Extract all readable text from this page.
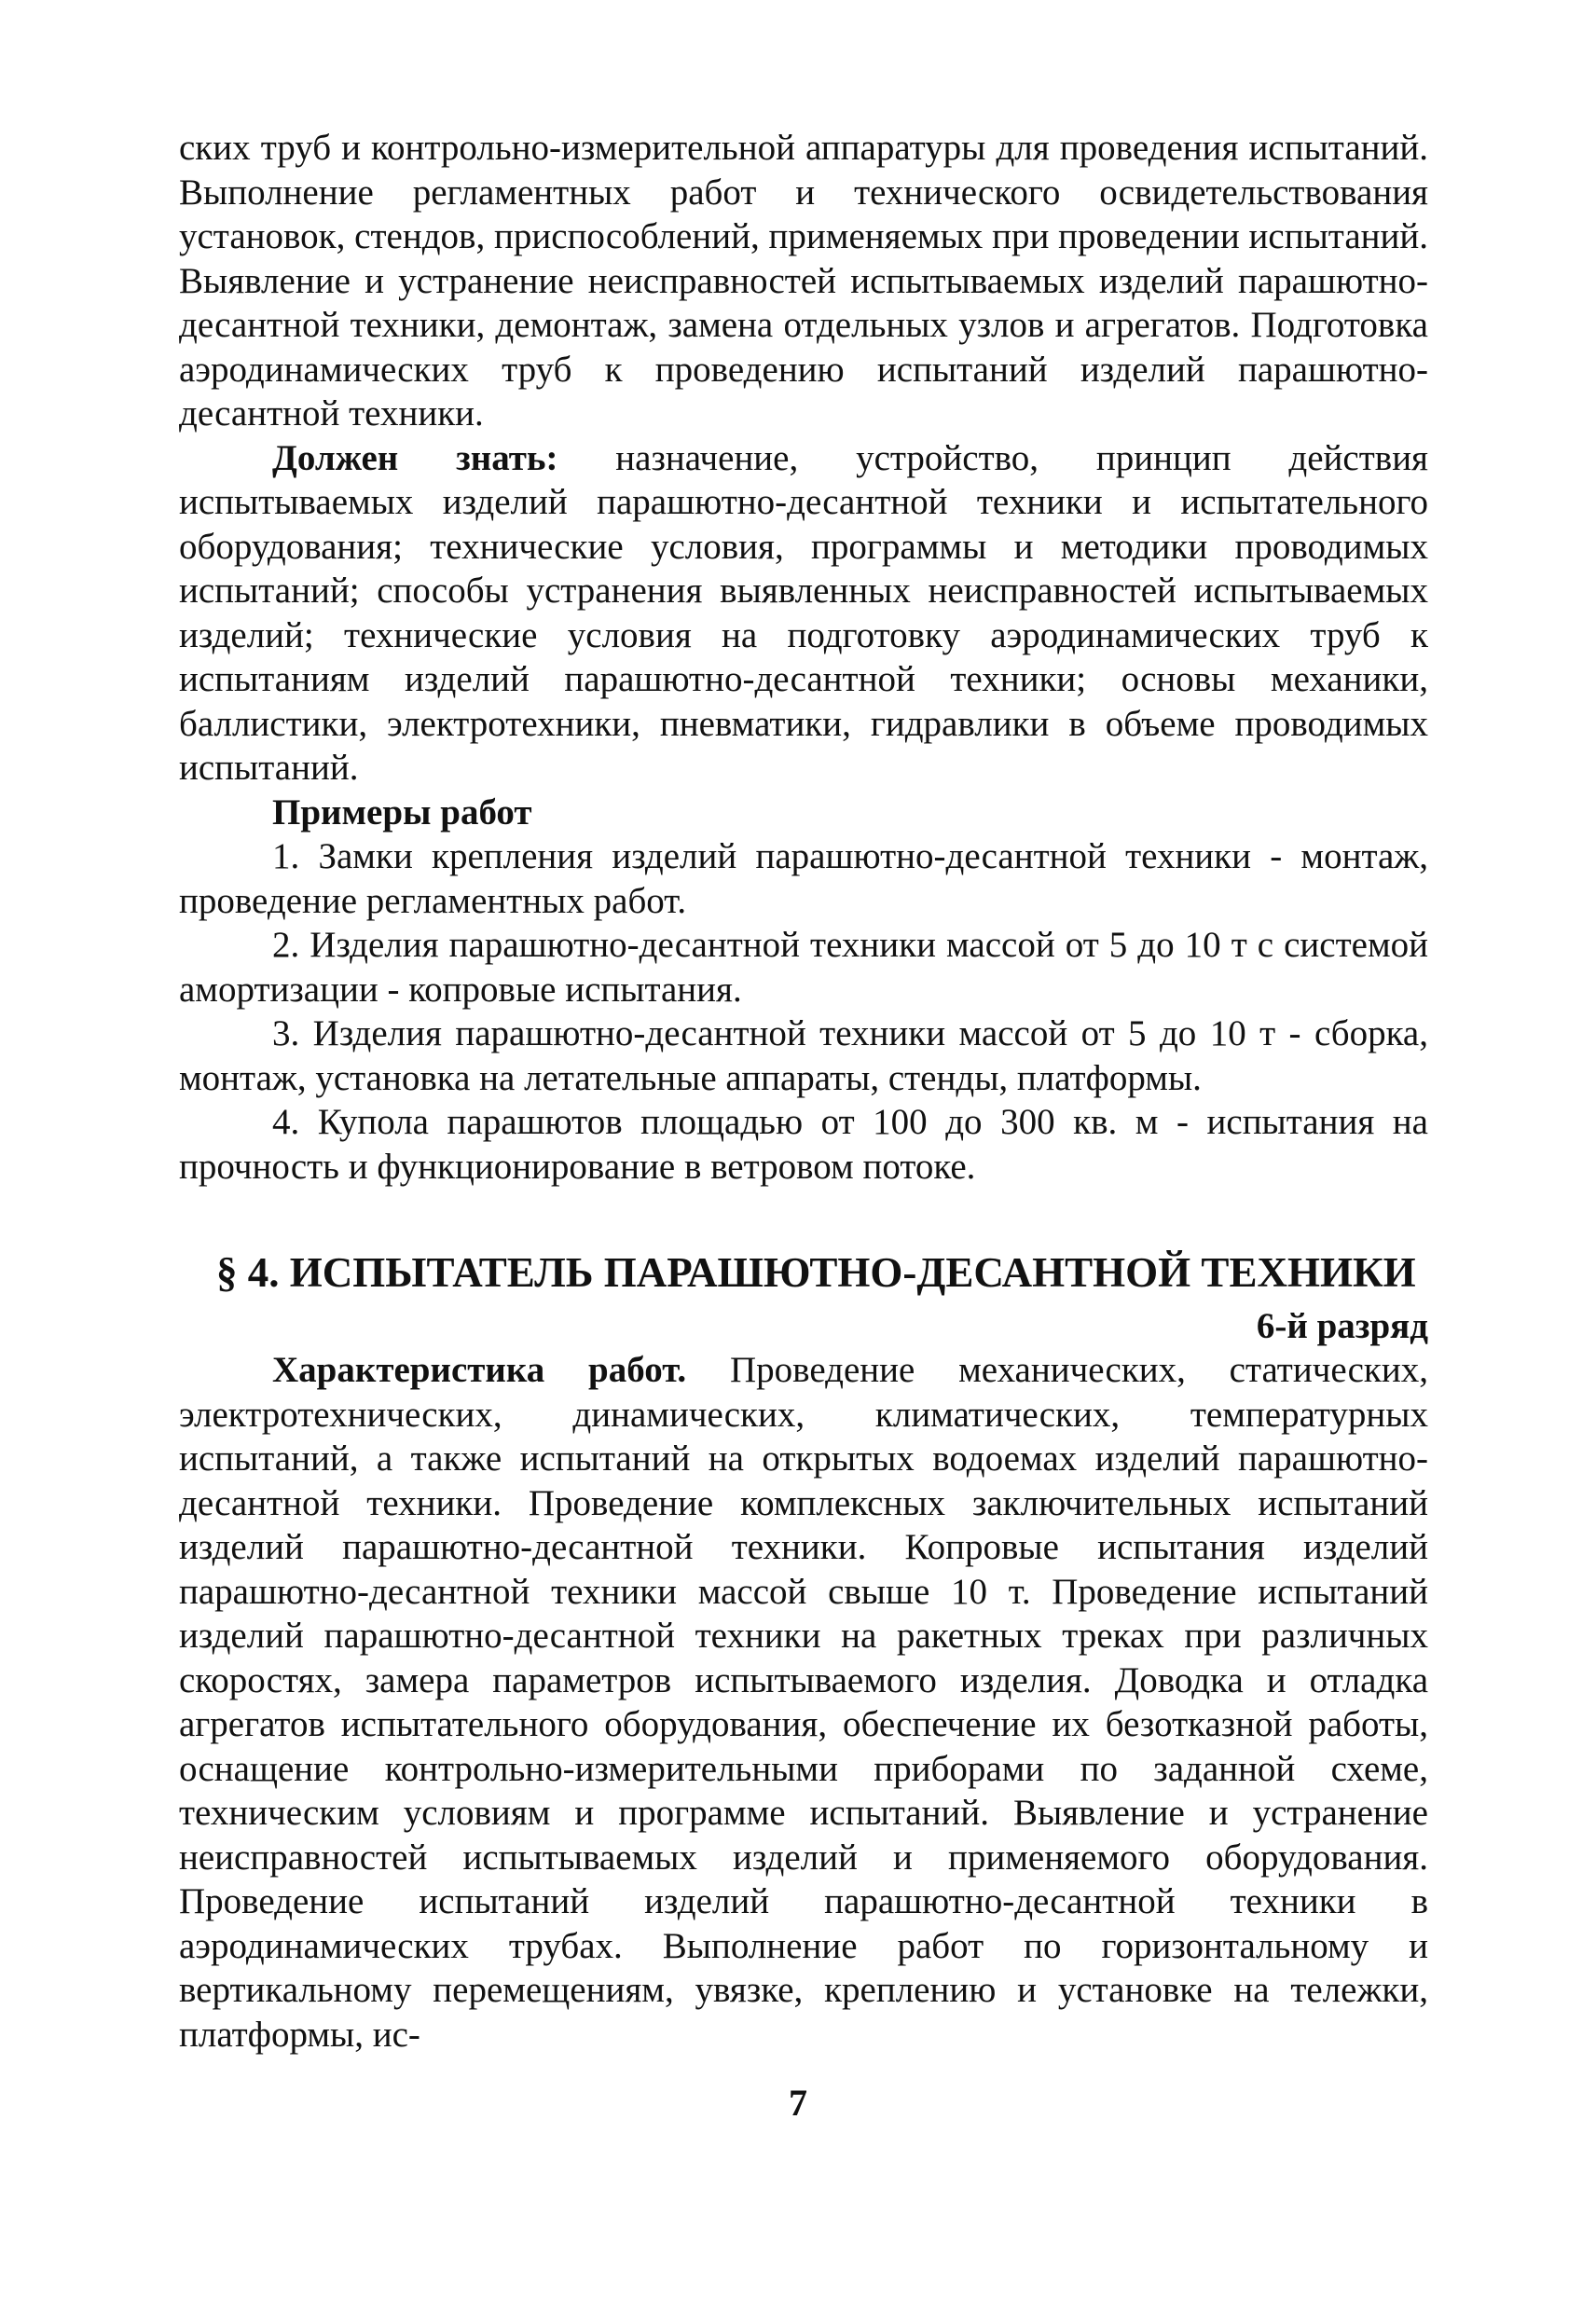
ских труб и контрольно-измерительной аппаратуры для проведения испытаний. Выполнение регламентных работ и технического освидетельствования установок, стендов, приспособлений, применяемых при проведении испытаний. Выявление и устранение неисправностей испытываемых изделий парашютно-десантной техники, демонтаж, замена отдельных узлов и агрегатов. Подготовка аэродинамических труб к проведению испытаний изделий парашютно-десантной техники.

Должен знать: назначение, устройство, принцип действия испытываемых изделий парашютно-десантной техники и испытательного оборудования; технические условия, программы и методики проводимых испытаний; способы устранения выявленных неисправностей испытываемых изделий; технические условия на подготовку аэродинамических труб к испытаниям изделий парашютно-десантной техники; основы механики, баллистики, электротехники, пневматики, гидравлики в объеме проводимых испытаний.

Примеры работ

1. Замки крепления изделий парашютно-десантной техники - монтаж, проведение регламентных работ.

2. Изделия парашютно-десантной техники массой от 5 до 10 т с системой амортизации - копровые испытания.

3. Изделия парашютно-десантной техники массой от 5 до 10 т - сборка, монтаж, установка на летательные аппараты, стенды, платформы.

4. Купола парашютов площадью от 100 до 300 кв. м - испытания на прочность и функционирование в ветровом потоке.

§ 4. ИСПЫТАТЕЛЬ ПАРАШЮТНО-ДЕСАНТНОЙ ТЕХНИКИ

6-й разряд

Характеристика работ. Проведение механических, статических, электротехнических, динамических, климатических, температурных испытаний, а также испытаний на открытых водоемах изделий парашютно-десантной техники. Проведение комплексных заключительных испытаний изделий парашютно-десантной техники. Копровые испытания изделий парашютно-десантной техники массой свыше 10 т. Проведение испытаний изделий парашютно-десантной техники на ракетных треках при различных скоростях, замера параметров испытываемого изделия. Доводка и отладка агрегатов испытательного оборудования, обеспечение их безотказной работы, оснащение контрольно-измерительными приборами по заданной схеме, техническим условиям и программе испытаний. Выявление и устранение неисправностей испытываемых изделий и применяемого оборудования. Проведение испытаний изделий парашютно-десантной техники в аэродинамических трубах. Выполнение работ по горизонтальному и вертикальному перемещениям, увязке, креплению и установке на тележки, платформы, ис-

7
